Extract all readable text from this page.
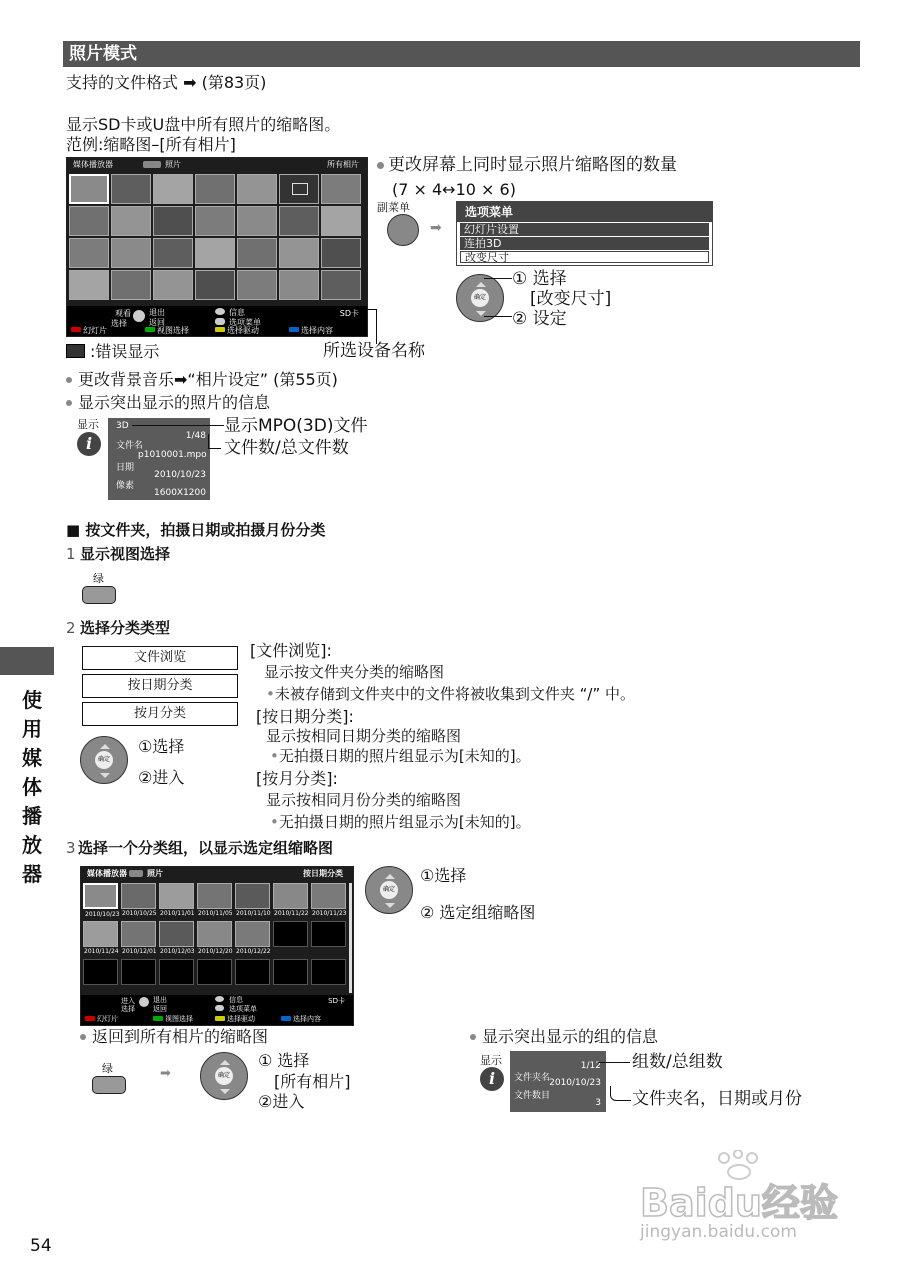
照片模式
支持的文件格式 ➡ (第83页)
显示SD卡或U盘中所有照片的缩略图。
范例:缩略图–[所有相片]
媒体播放器	照片	所有相片
观看
选择
退出
返回
信息
选项菜单
SD卡
幻灯片	视图选择	选择驱动	选择内容
更改屏幕上同时显示照片缩略图的数量
(7 × 4↔10 × 6)
副菜单
➡
选项菜单
幻灯片设置
连拍3D
改变尺寸
确定
① 选择
[改变尺寸]
② 设定
所选设备名称
:错误显示
更改背景音乐➡“相片设定” (第55页)
显示突出显示的照片的信息
显示
i
3D
1/48
文件名
p1010001.mpo
日期
2010/10/23
像素
1600X1200
显示MPO(3D)文件
文件数/总文件数
■ 按文件夹，拍摄日期或拍摄月份分类
1 显示视图选择
绿
2 选择分类类型
文件浏览
按日期分类
按月分类
确定
①选择
②进入
[文件浏览]:
显示按文件夹分类的缩略图
•未被存储到文件夹中的文件将被收集到文件夹 “/” 中。
[按日期分类]:
显示按相同日期分类的缩略图
•无拍摄日期的照片组显示为[未知的]。
[按月分类]:
显示按相同月份分类的缩略图
•无拍摄日期的照片组显示为[未知的]。
使
用
媒
体
播
放
器
3 选择一个分类组，以显示选定组缩略图
媒体播放器	照片	按日期分类
2010/10/23 2010/10/25 2010/11/01 2010/11/05 2010/11/10 2010/11/22 2010/11/23
2010/11/24 2010/12/01 2010/12/03 2010/12/20 2010/12/22
进入
选择
退出
返回
信息
选项菜单
SD卡
幻灯片	视图选择	选择驱动	选择内容
确定
①选择
② 选定组缩略图
返回到所有相片的缩略图
绿	➡	确定
① 选择
[所有相片]
②进入
显示突出显示的组的信息
显示
i
1/12
文件夹名 2010/10/23
文件数目
3
组数/总组数
文件夹名，日期或月份
Baidu经验
jingyan.baidu.com
54
